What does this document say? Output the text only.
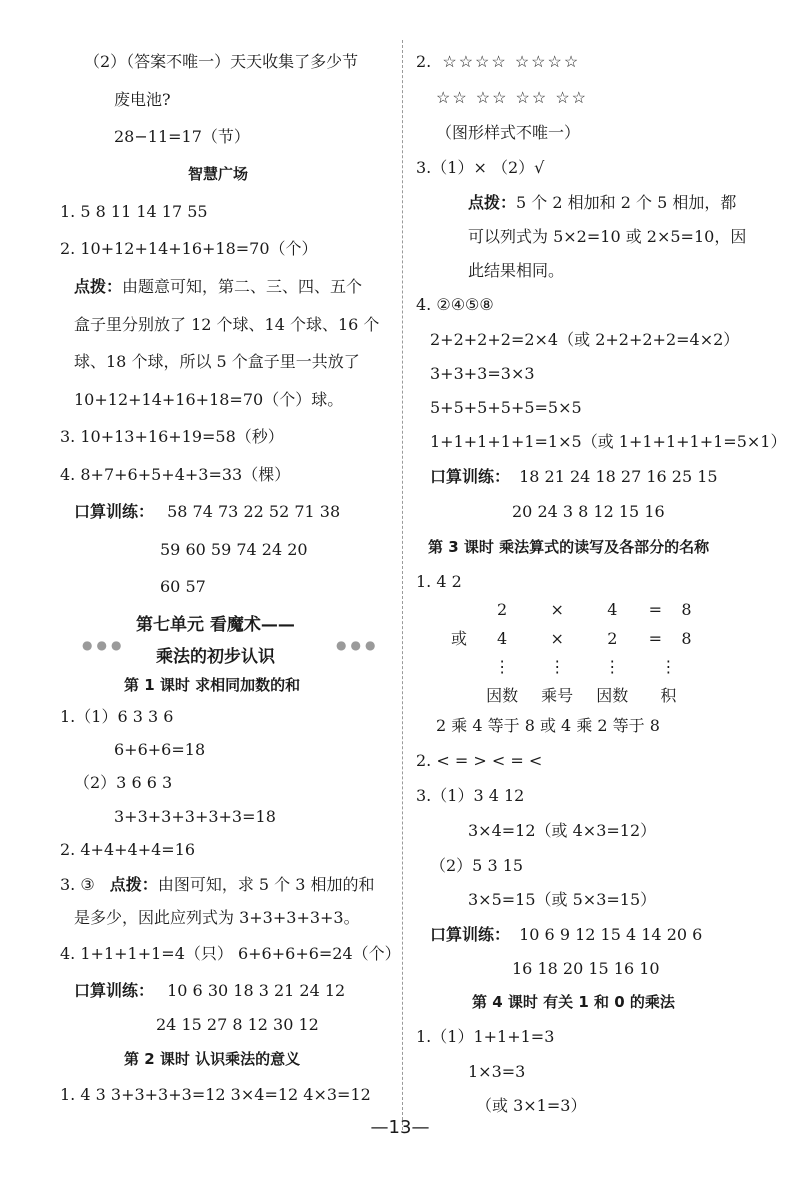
（2）（答案不唯一）天天收集了多少节
废电池?
28−11=17（节）
智慧广场
1. 5 8 11 14 17 55
2. 10+12+14+16+18=70（个）
点拨：由题意可知，第二、三、四、五个
盒子里分别放了 12 个球、14 个球、16 个
球、18 个球，所以 5 个盒子里一共放了
10+12+14+16+18=70（个）球。
3. 10+13+16+19=58（秒）
4. 8+7+6+5+4+3=33（棵）
口算训练： 58 74 73 22 52 71 38
59 60 59 74 24 20
60 57
第七单元 看魔术——
●●●	●●●
乘法的初步认识
第 1 课时 求相同加数的和
1.（1）6 3 3 6
6+6+6=18
（2）3 6 6 3
3+3+3+3+3+3=18
2. 4+4+4+4=16
3. ③ 点拨：由图可知，求 5 个 3 相加的和
是多少，因此应列式为 3+3+3+3+3。
4. 1+1+1+1=4（只） 6+6+6+6=24（个）
口算训练： 10 6 30 18 3 21 24 12
24 15 27 8 12 30 12
第 2 课时 认识乘法的意义
1. 4 3 3+3+3+3=12 3×4=12 4×3=12
2. ☆☆☆☆ ☆☆☆☆
☆☆ ☆☆ ☆☆ ☆☆
（图形样式不唯一）
3.（1）× （2）√
点拨：5 个 2 相加和 2 个 5 相加，都
可以列式为 5×2=10 或 2×5=10，因
此结果相同。
4. ②④⑤⑧
2+2+2+2=2×4（或 2+2+2+2=4×2）
3+3+3=3×3
5+5+5+5+5=5×5
1+1+1+1+1=1×5（或 1+1+1+1+1=5×1）
口算训练： 18 21 24 18 27 16 25 15
20 24 3 8 12 15 16
第 3 课时 乘法算式的读写及各部分的名称
1. 4 2
2	×	4 = 8
或 4	×	2 = 8
⋮ ⋮ ⋮	⋮
因数 乘号 因数 积
2 乘 4 等于 8 或 4 乘 2 等于 8
2. < = > < = <
3.（1）3 4 12
3×4=12（或 4×3=12）
（2）5 3 15
3×5=15（或 5×3=15）
口算训练： 10 6 9 12 15 4 14 20 6
16 18 20 15 16 10
第 4 课时 有关 1 和 0 的乘法
1.（1）1+1+1=3
1×3=3
（或 3×1=3）
—13—
